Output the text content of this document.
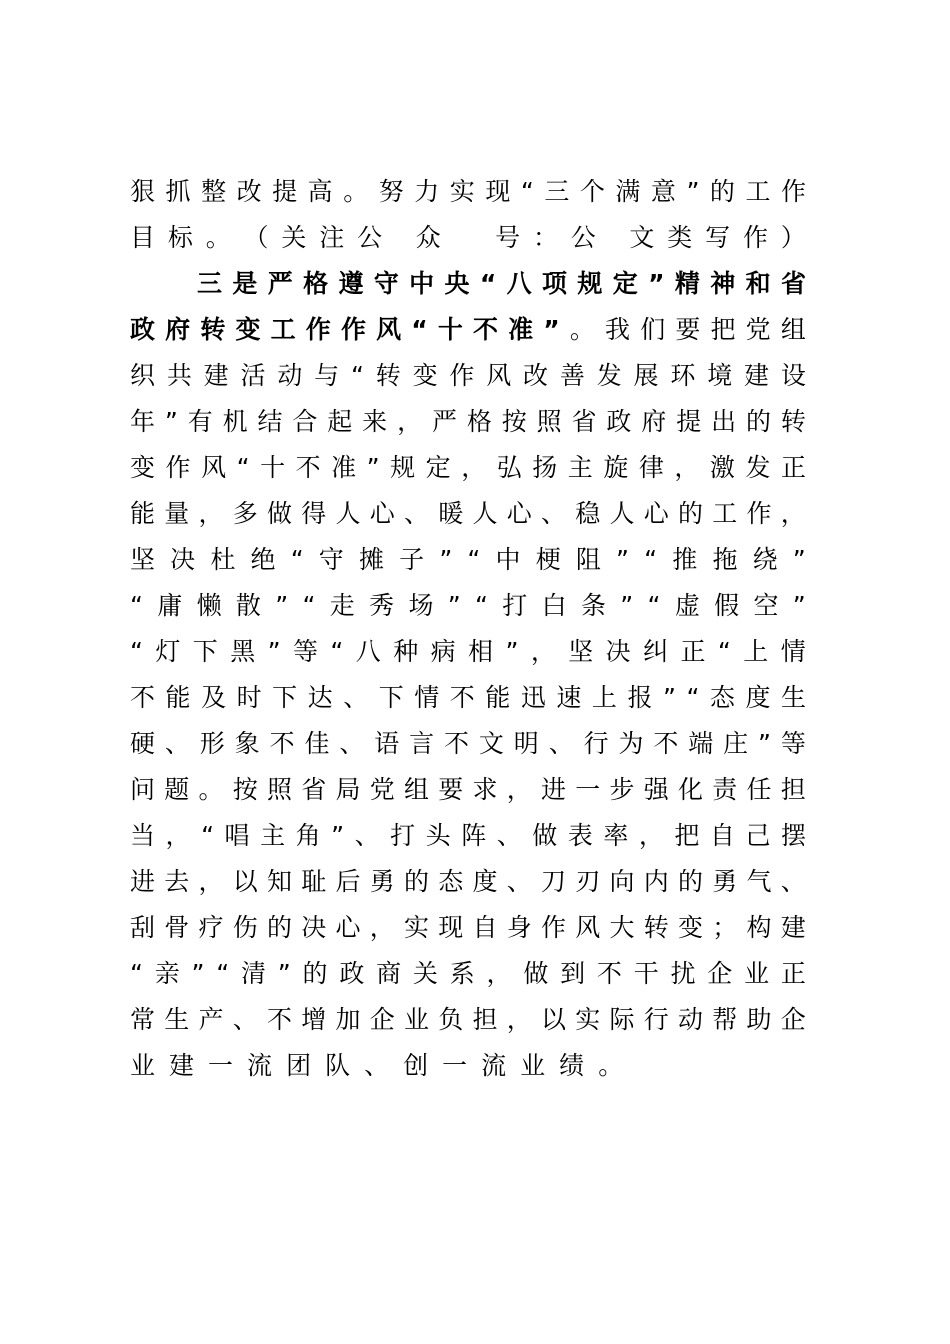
狠 抓 整 改 提 高 。 努 力 实 现 “ 三 个 满 意 ” 的 工 作
目 标 。 （ 关 注 公
众

号 ： 公
文 类 写 作 ）
三 是 严 格 遵 守 中 央 “ 八 项 规 定 ” 精 神 和 省
政 府 转 变 工 作 作 风 “ 十 不 准 ” 。 我 们 要 把 党 组
织 共 建 活 动 与 “ 转 变 作 风 改 善 发 展 环 境 建 设
年 ” 有 机 结 合 起 来 ， 严 格 按 照 省 政 府 提 出 的 转
变 作 风 “ 十 不 准 ” 规 定 ， 弘 扬 主 旋 律 ， 激 发 正
能 量 ， 多 做 得 人 心 、 暖 人 心 、 稳 人 心 的 工 作 ，
坚 决 杜 绝 “ 守 摊 子 ” “ 中 梗 阻 ” “ 推 拖 绕 ”
“ 庸 懒 散 ” “ 走 秀 场 ” “ 打 白 条 ” “ 虚 假 空 ”
“ 灯 下 黑 ” 等 “ 八 种 病 相 ” ， 坚 决 纠 正 “ 上 情
不 能 及 时 下 达 、 下 情 不 能 迅 速 上 报 ” “ 态 度 生
硬 、 形 象 不 佳 、 语 言 不 文 明 、 行 为 不 端 庄 ” 等
问 题 。 按 照 省 局 党 组 要 求 ， 进 一 步 强 化 责 任 担
当 ， “ 唱 主 角 ” 、 打 头 阵 、 做 表 率 ， 把 自 己 摆
进 去 ， 以 知 耻 后 勇 的 态 度 、 刀 刃 向 内 的 勇 气 、
刮 骨 疗 伤 的 决 心 ， 实 现 自 身 作 风 大 转 变 ； 构 建
“ 亲 ” “ 清 ” 的 政 商 关 系 ， 做 到 不 干 扰 企 业 正
常 生 产 、 不 增 加 企 业 负 担 ， 以 实 际 行 动 帮 助 企
业 建 一 流 团 队 、 创 一 流 业 绩 。
